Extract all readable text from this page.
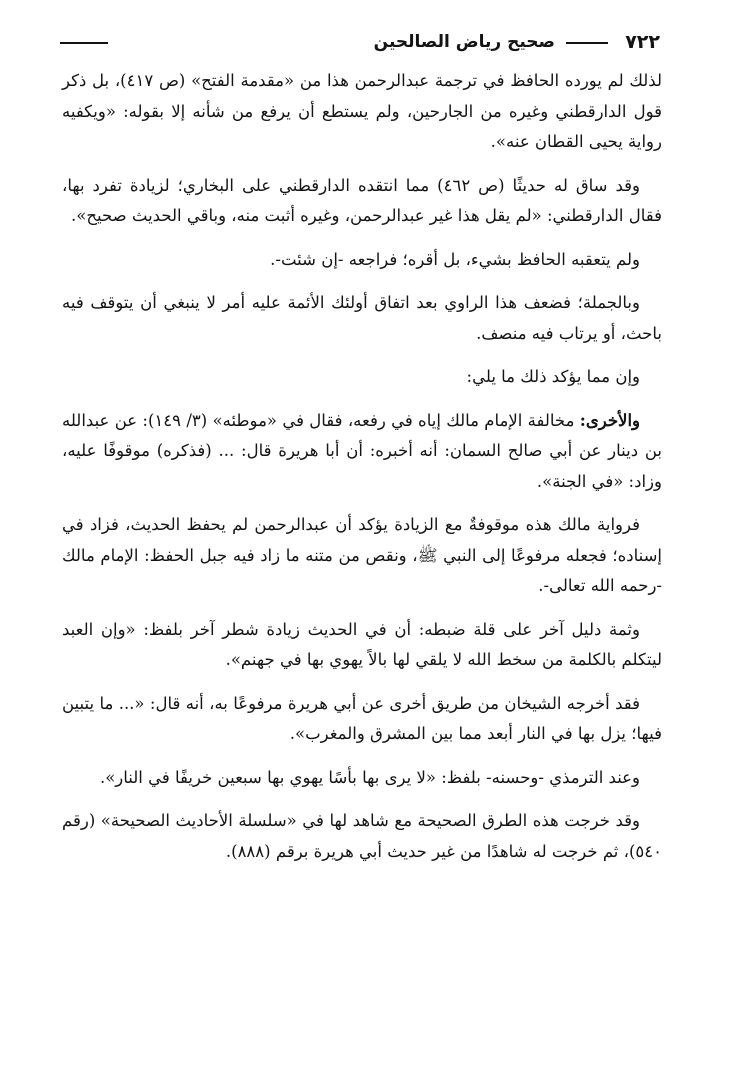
٧٢٢
صحيح رياض الصالحين

لذلك لم يورده الحافظ في ترجمة عبدالرحمن هذا من «مقدمة الفتح» (ص ٤١٧)، بل ذكر قول الدارقطني وغيره من الجارحين، ولم يستطع أن يرفع من شأنه إلا بقوله: «ويكفيه رواية يحيى القطان عنه».

وقد ساق له حديثًا (ص ٤٦٢) مما انتقده الدارقطني على البخاري؛ لزيادة تفرد بها، فقال الدارقطني: «لم يقل هذا غير عبدالرحمن، وغيره أثبت منه، وباقي الحديث صحيح».

ولم يتعقبه الحافظ بشيء، بل أقره؛ فراجعه -إن شئت-.

وبالجملة؛ فضعف هذا الراوي بعد اتفاق أولئك الأئمة عليه أمر لا ينبغي أن يتوقف فيه باحث، أو يرتاب فيه منصف.

وإن مما يؤكد ذلك ما يلي:

والأخرى: مخالفة الإمام مالك إياه في رفعه، فقال في «موطئه» (٣/ ١٤٩): عن عبدالله بن دينار عن أبي صالح السمان: أنه أخبره: أن أبا هريرة قال: ... (فذكره) موقوفًا عليه، وزاد: «في الجنة».

فرواية مالك هذه موقوفةٌ مع الزيادة يؤكد أن عبدالرحمن لم يحفظ الحديث، فزاد في إسناده؛ فجعله مرفوعًا إلى النبي ﷺ، ونقص من متنه ما زاد فيه جبل الحفظ: الإمام مالك -رحمه الله تعالى-.

وثمة دليل آخر على قلة ضبطه: أن في الحديث زيادة شطر آخر بلفظ: «وإن العبد ليتكلم بالكلمة من سخط الله لا يلقي لها بالاً يهوي بها في جهنم».

فقد أخرجه الشيخان من طريق أخرى عن أبي هريرة مرفوعًا به، أنه قال: «... ما يتبين فيها؛ يزل بها في النار أبعد مما بين المشرق والمغرب».

وعند الترمذي -وحسنه- بلفظ: «لا يرى بها بأسًا يهوي بها سبعين خريفًا في النار».

وقد خرجت هذه الطرق الصحيحة مع شاهد لها في «سلسلة الأحاديث الصحيحة» (رقم ٥٤٠)، ثم خرجت له شاهدًا من غير حديث أبي هريرة برقم (٨٨٨).
